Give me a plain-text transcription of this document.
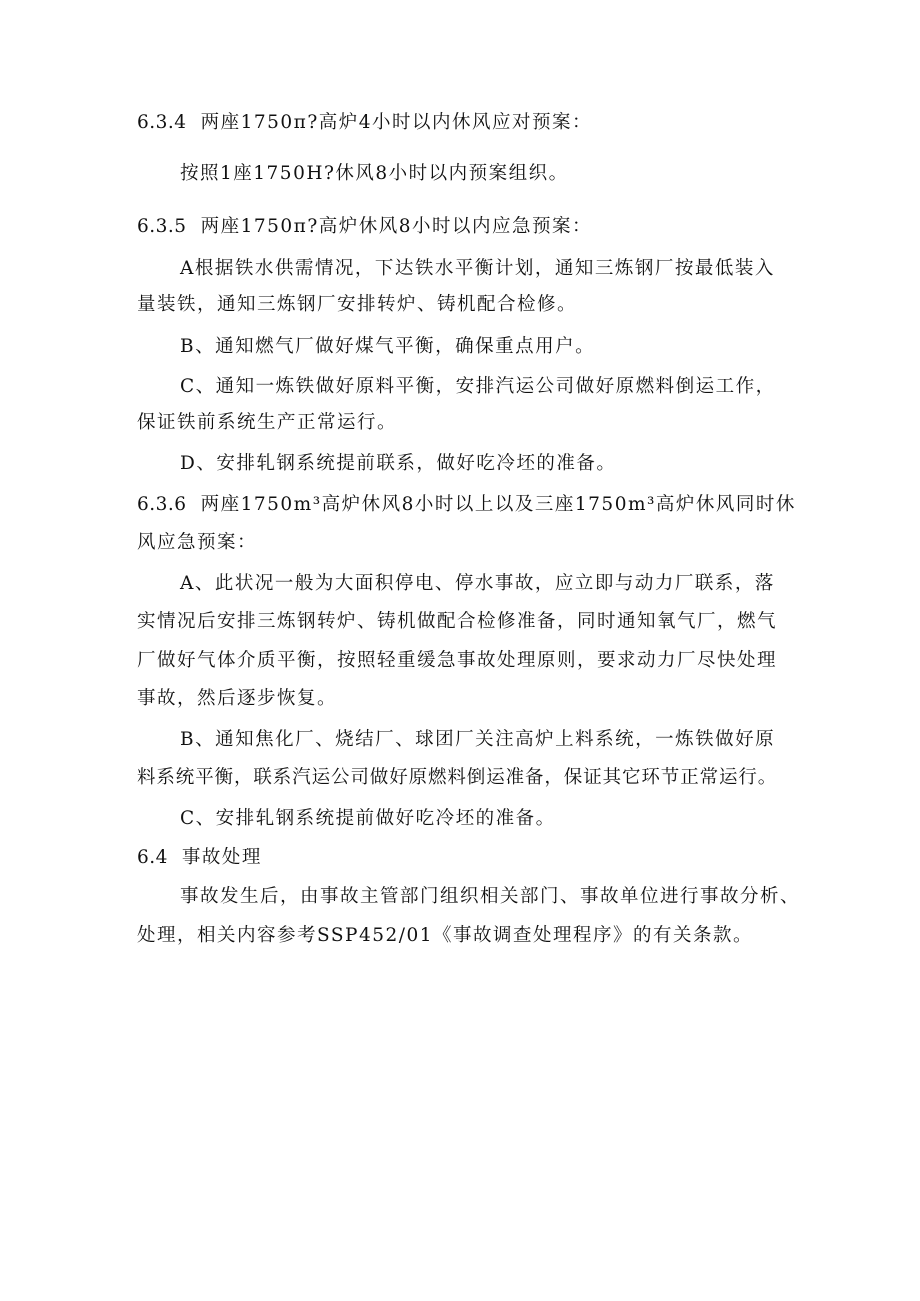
6.3.4 两座1750π?高炉4小时以内休风应对预案：
按照1座1750H?休风8小时以内预案组织。
6.3.5 两座1750π?高炉休风8小时以内应急预案：
A根据铁水供需情况，下达铁水平衡计划，通知三炼钢厂按最低装入
量装铁，通知三炼钢厂安排转炉、铸机配合检修。
B、通知燃气厂做好煤气平衡，确保重点用户。
C、通知一炼铁做好原料平衡，安排汽运公司做好原燃料倒运工作，
保证铁前系统生产正常运行。
D、安排轧钢系统提前联系，做好吃冷坯的准备。
6.3.6 两座1750m³高炉休风8小时以上以及三座1750m³高炉休风同时休
风应急预案：
A、此状况一般为大面积停电、停水事故，应立即与动力厂联系，落
实情况后安排三炼钢转炉、铸机做配合检修准备，同时通知氧气厂，燃气
厂做好气体介质平衡，按照轻重缓急事故处理原则，要求动力厂尽快处理
事故，然后逐步恢复。
B、通知焦化厂、烧结厂、球团厂关注高炉上料系统，一炼铁做好原
料系统平衡，联系汽运公司做好原燃料倒运准备，保证其它环节正常运行。
C、安排轧钢系统提前做好吃冷坯的准备。
6.4 事故处理
事故发生后，由事故主管部门组织相关部门、事故单位进行事故分析、
处理，相关内容参考SSP452/01《事故调查处理程序》的有关条款。
